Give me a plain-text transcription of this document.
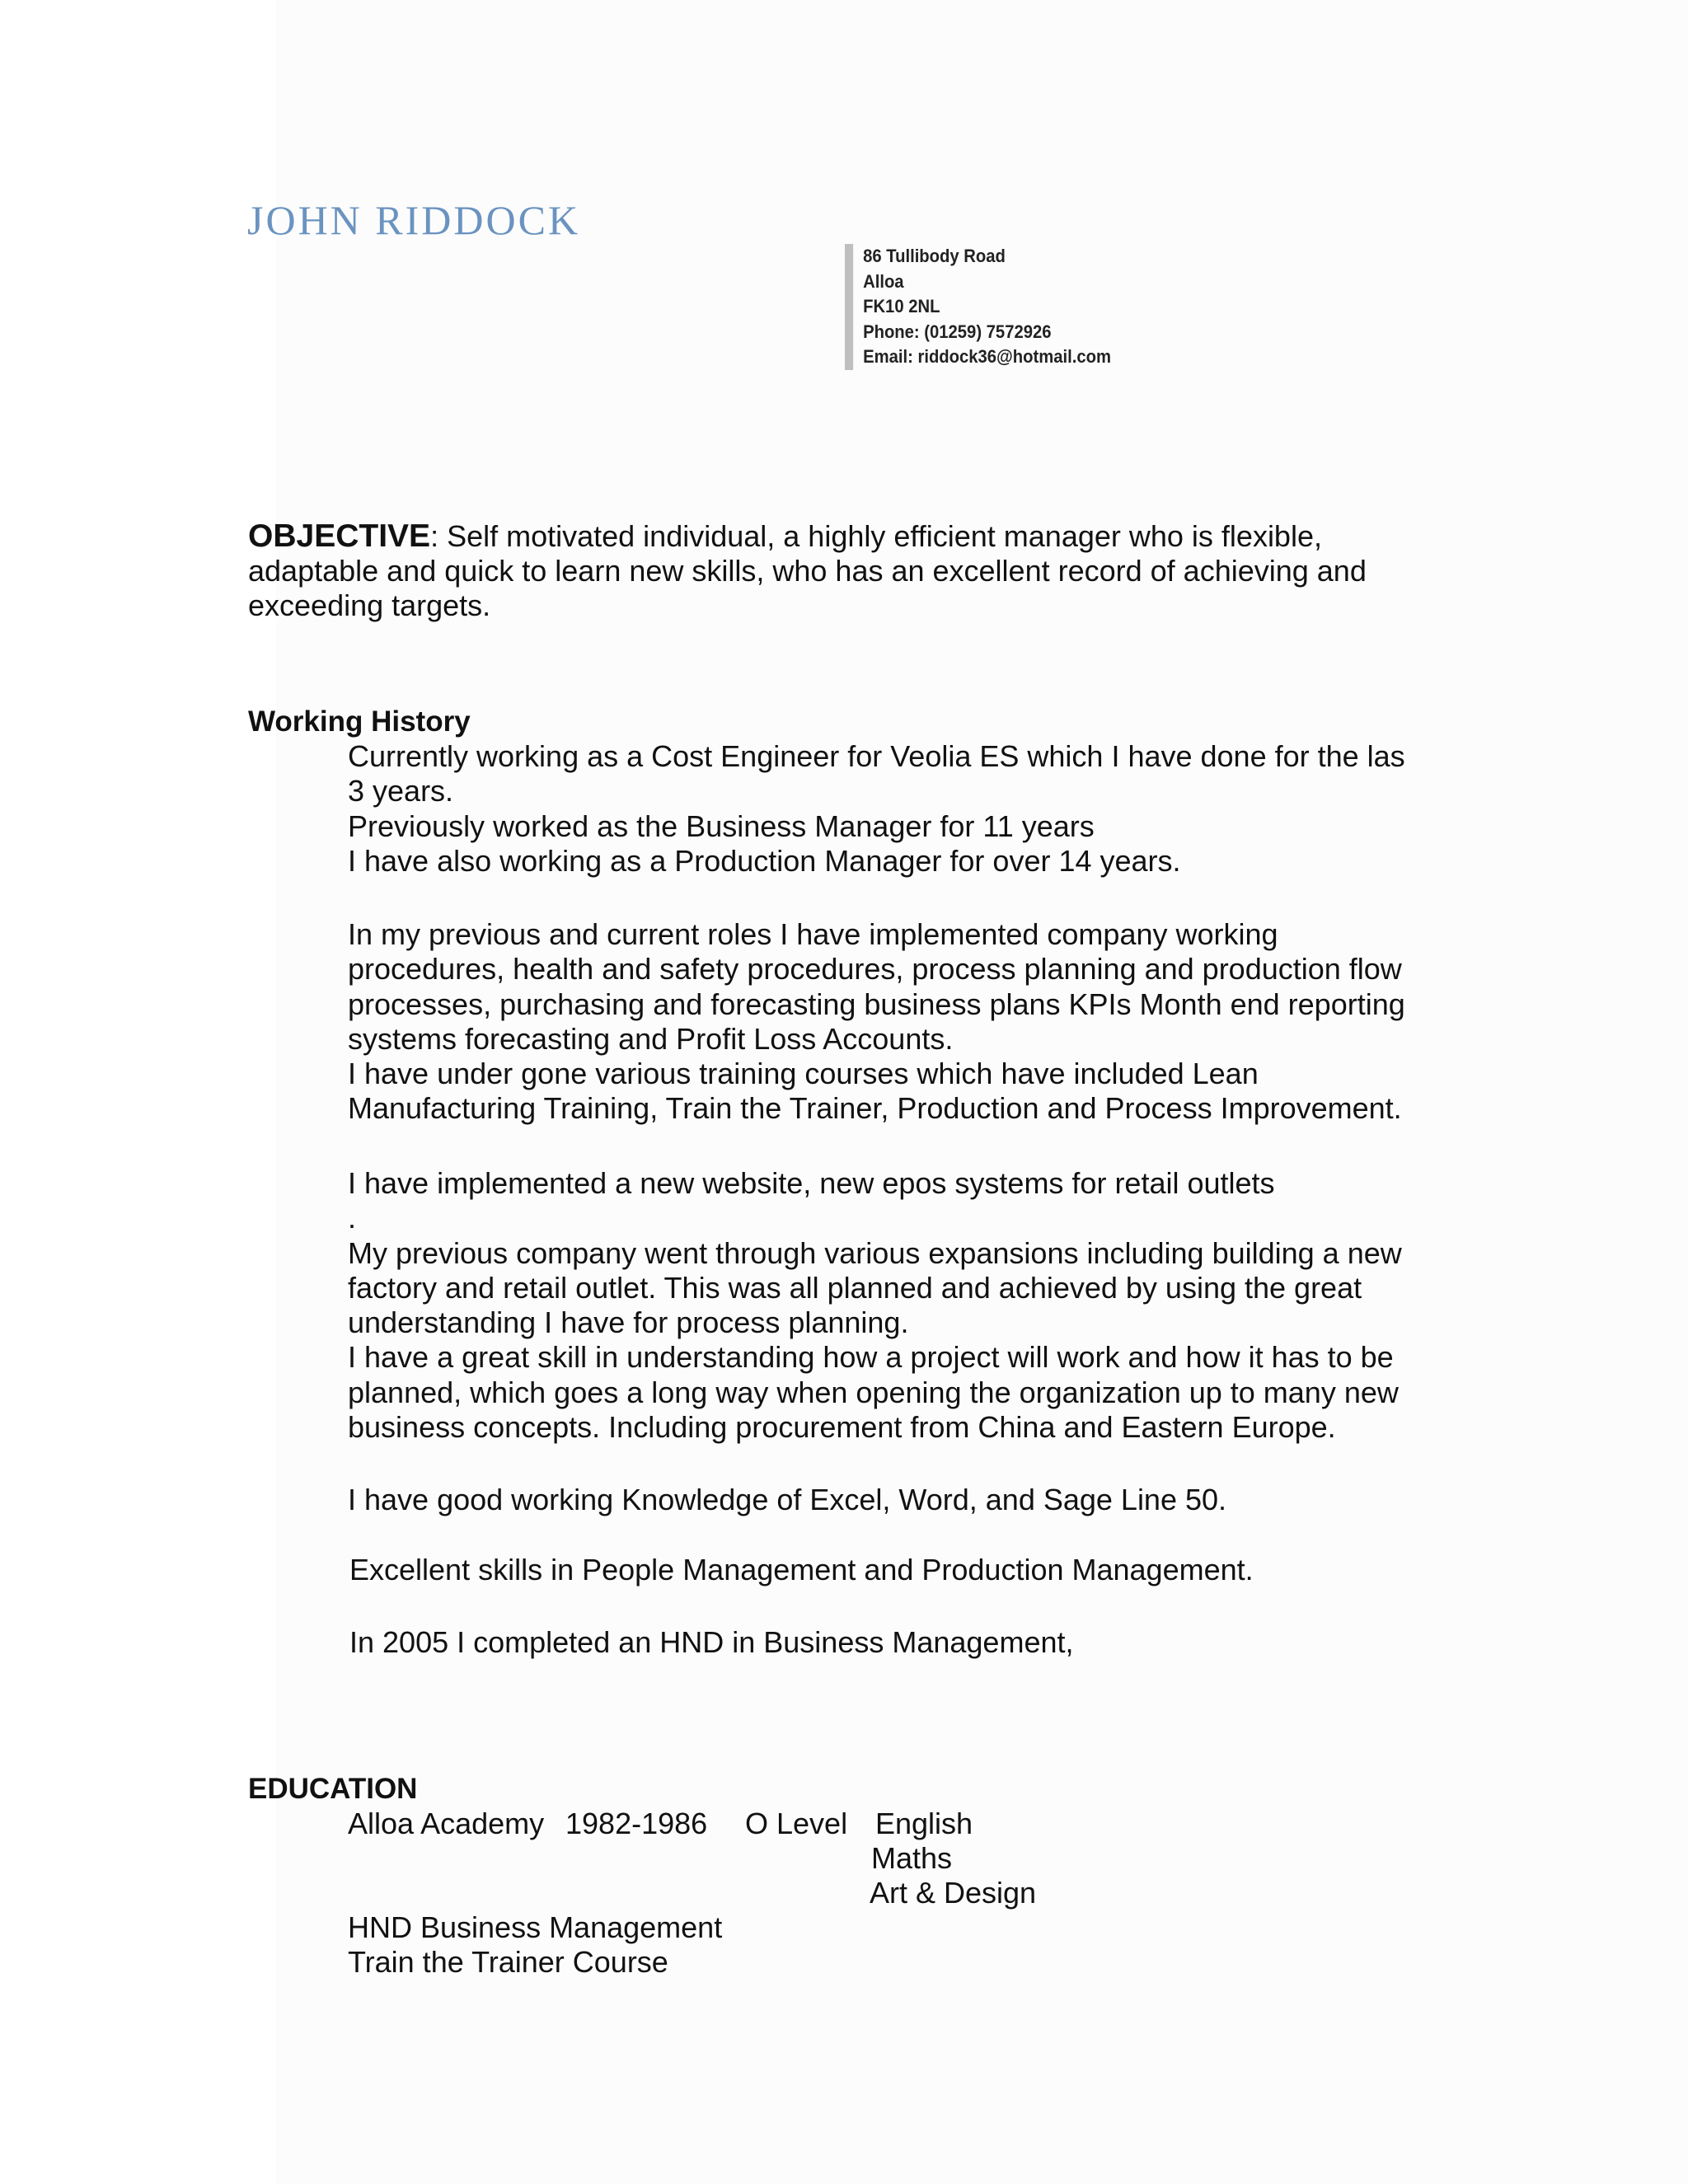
JOHN RIDDOCK
86 Tullibody Road
Alloa
FK10 2NL
Phone: (01259) 7572926
Email: riddock36@hotmail.com

OBJECTIVE: Self motivated individual, a highly efficient manager who is flexible, adaptable and quick to learn new skills, who has an excellent record of achieving and exceeding targets.

Working History

Currently working as a Cost Engineer for Veolia ES which I have done for the las

3 years.

Previously worked as the Business Manager for 11 years

I have also working as a Production Manager for over 14 years.

In my previous and current roles I have implemented company working

procedures, health and safety procedures, process planning and production flow

processes, purchasing and forecasting business plans KPIs Month end reporting

systems forecasting and Profit Loss Accounts.

I have under gone various training courses which have included Lean

Manufacturing Training, Train the Trainer, Production and Process Improvement.

I have implemented a new website, new epos systems for retail outlets

.

My previous company went through various expansions including building a new

factory and retail outlet. This was all planned and achieved by using the great

understanding I have for process planning.

I have a great skill in understanding how a project will work and how it has to be

planned, which goes a long way when opening the organization up to many new

business concepts. Including procurement from China and Eastern Europe.

I have good working Knowledge of Excel, Word, and Sage Line 50.

Excellent skills in People Management and Production Management.

In 2005 I completed an HND in Business Management,

EDUCATION
Alloa Academy 1982-1986 O Level English
Maths
Art & Design
HND Business Management
Train the Trainer Course
